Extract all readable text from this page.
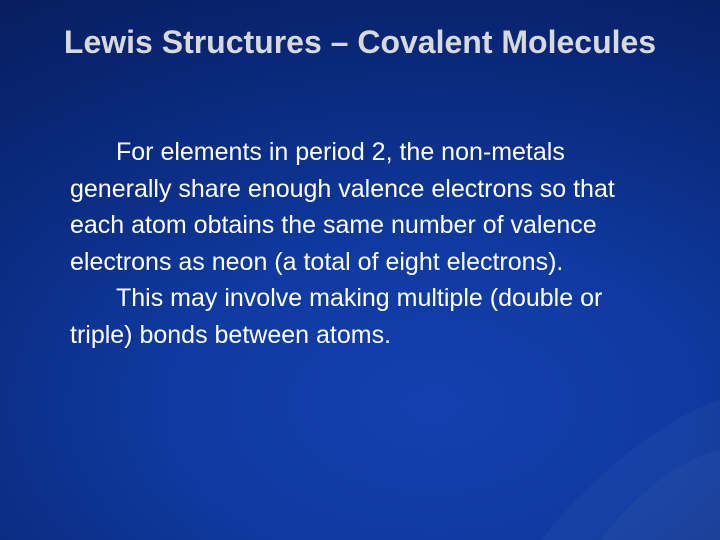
Lewis Structures – Covalent Molecules

For elements in period 2, the non-metals generally share enough valence electrons so that each atom obtains the same number of valence electrons as neon (a total of eight electrons).

This may involve making multiple (double or triple) bonds between atoms.
